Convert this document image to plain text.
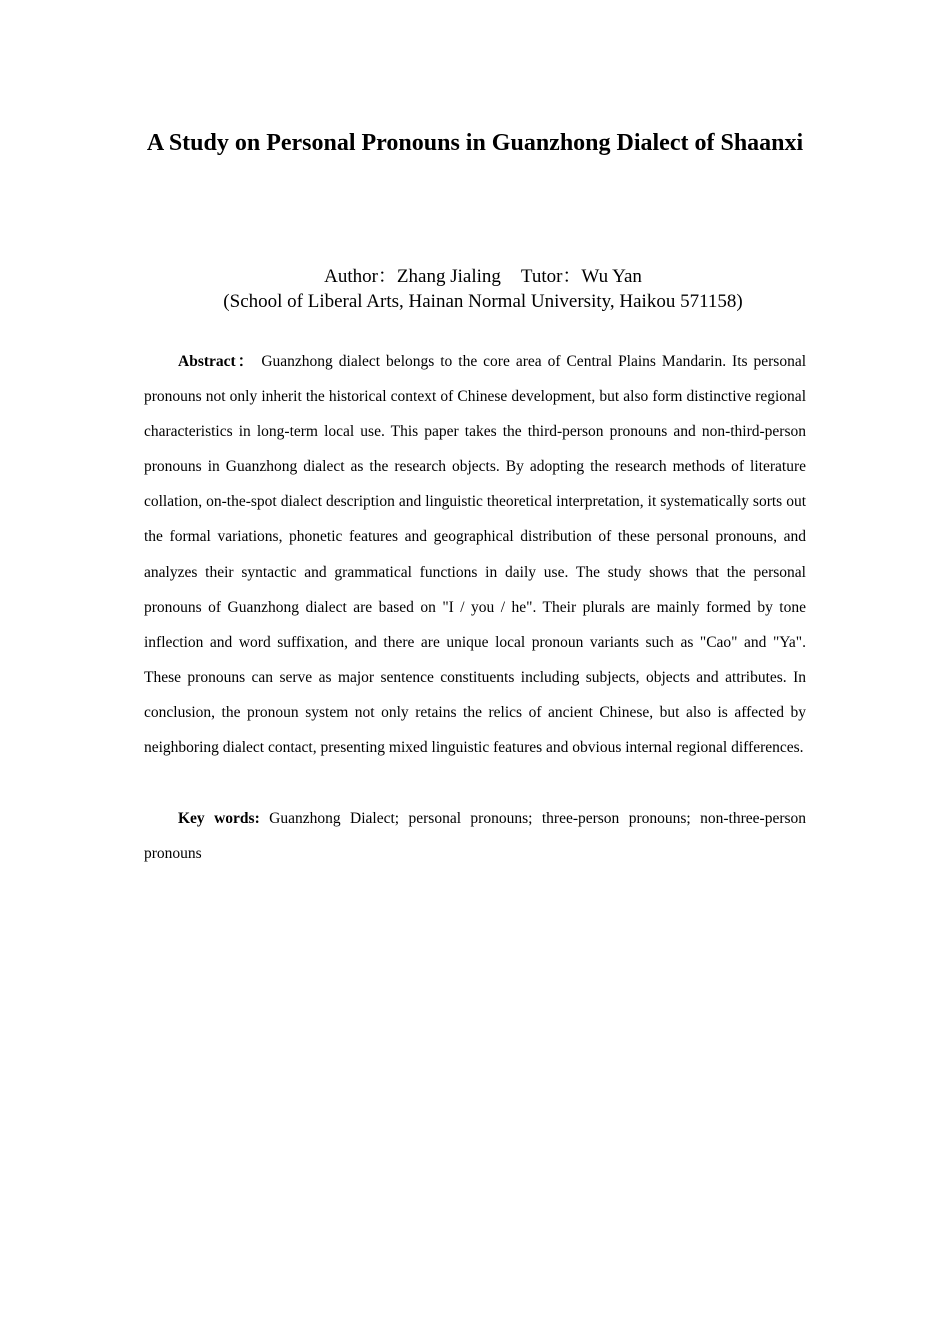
A Study on Personal Pronouns in Guanzhong Dialect of Shaanxi
Author：Zhang Jialing Tutor：Wu Yan
(School of Liberal Arts, Hainan Normal University, Haikou 571158)

Abstract： Guanzhong dialect belongs to the core area of Central Plains Mandarin. Its personal pronouns not only inherit the historical context of Chinese development, but also form distinctive regional characteristics in long-term local use. This paper takes the third-person pronouns and non-third-person pronouns in Guanzhong dialect as the research objects. By adopting the research methods of literature collation, on-the-spot dialect description and linguistic theoretical interpretation, it systematically sorts out the formal variations, phonetic features and geographical distribution of these personal pronouns, and analyzes their syntactic and grammatical functions in daily use. The study shows that the personal pronouns of Guanzhong dialect are based on "I / you / he". Their plurals are mainly formed by tone inflection and word suffixation, and there are unique local pronoun variants such as "Cao" and "Ya". These pronouns can serve as major sentence constituents including subjects, objects and attributes. In conclusion, the pronoun system not only retains the relics of ancient Chinese, but also is affected by neighboring dialect contact, presenting mixed linguistic features and obvious internal regional differences.

Key words: Guanzhong Dialect; personal pronouns; three-person pronouns; non-three-person pronouns
